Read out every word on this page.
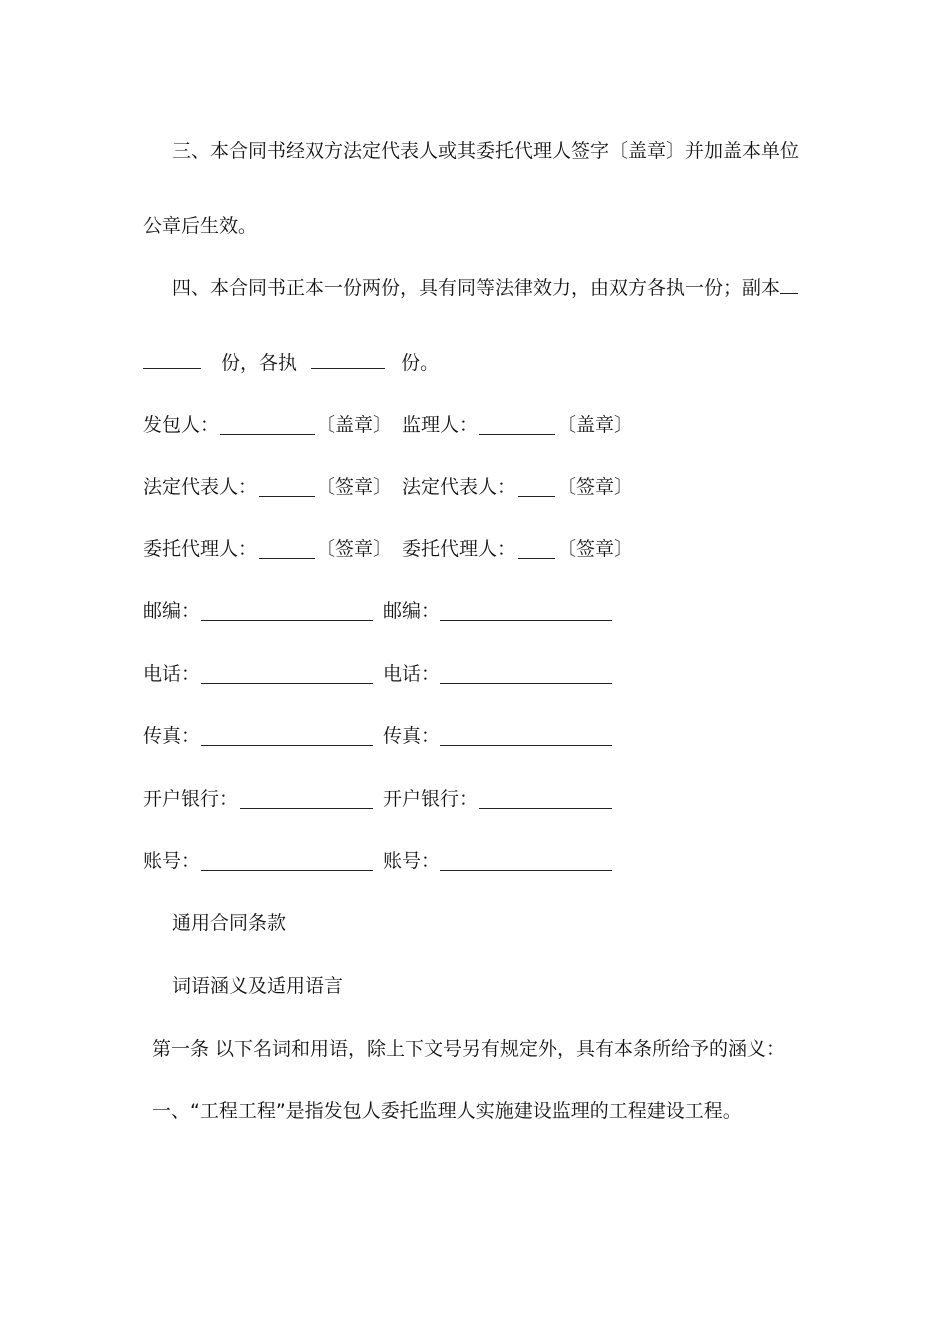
三、本合同书经双方法定代表人或其委托代理人签字〔盖章〕并加盖本单位
公章后生效。
四、本合同书正本一份两份，具有同等法律效力，由双方各执一份；副本
份，各执	份。
发包人：	〔盖章〕 监理人：	〔盖章〕
法定代表人：	〔签章〕 法定代表人： 〔签章〕
委托代理人：	〔签章〕 委托代理人： 〔签章〕
邮编：	邮编：
电话：	电话：
传真：	传真：
开户银行：	开户银行：
账号：	账号：
通用合同条款
词语涵义及适用语言
第一条 以下名词和用语，除上下文号另有规定外，具有本条所给予的涵义：
一、“工程工程”是指发包人委托监理人实施建设监理的工程建设工程。
